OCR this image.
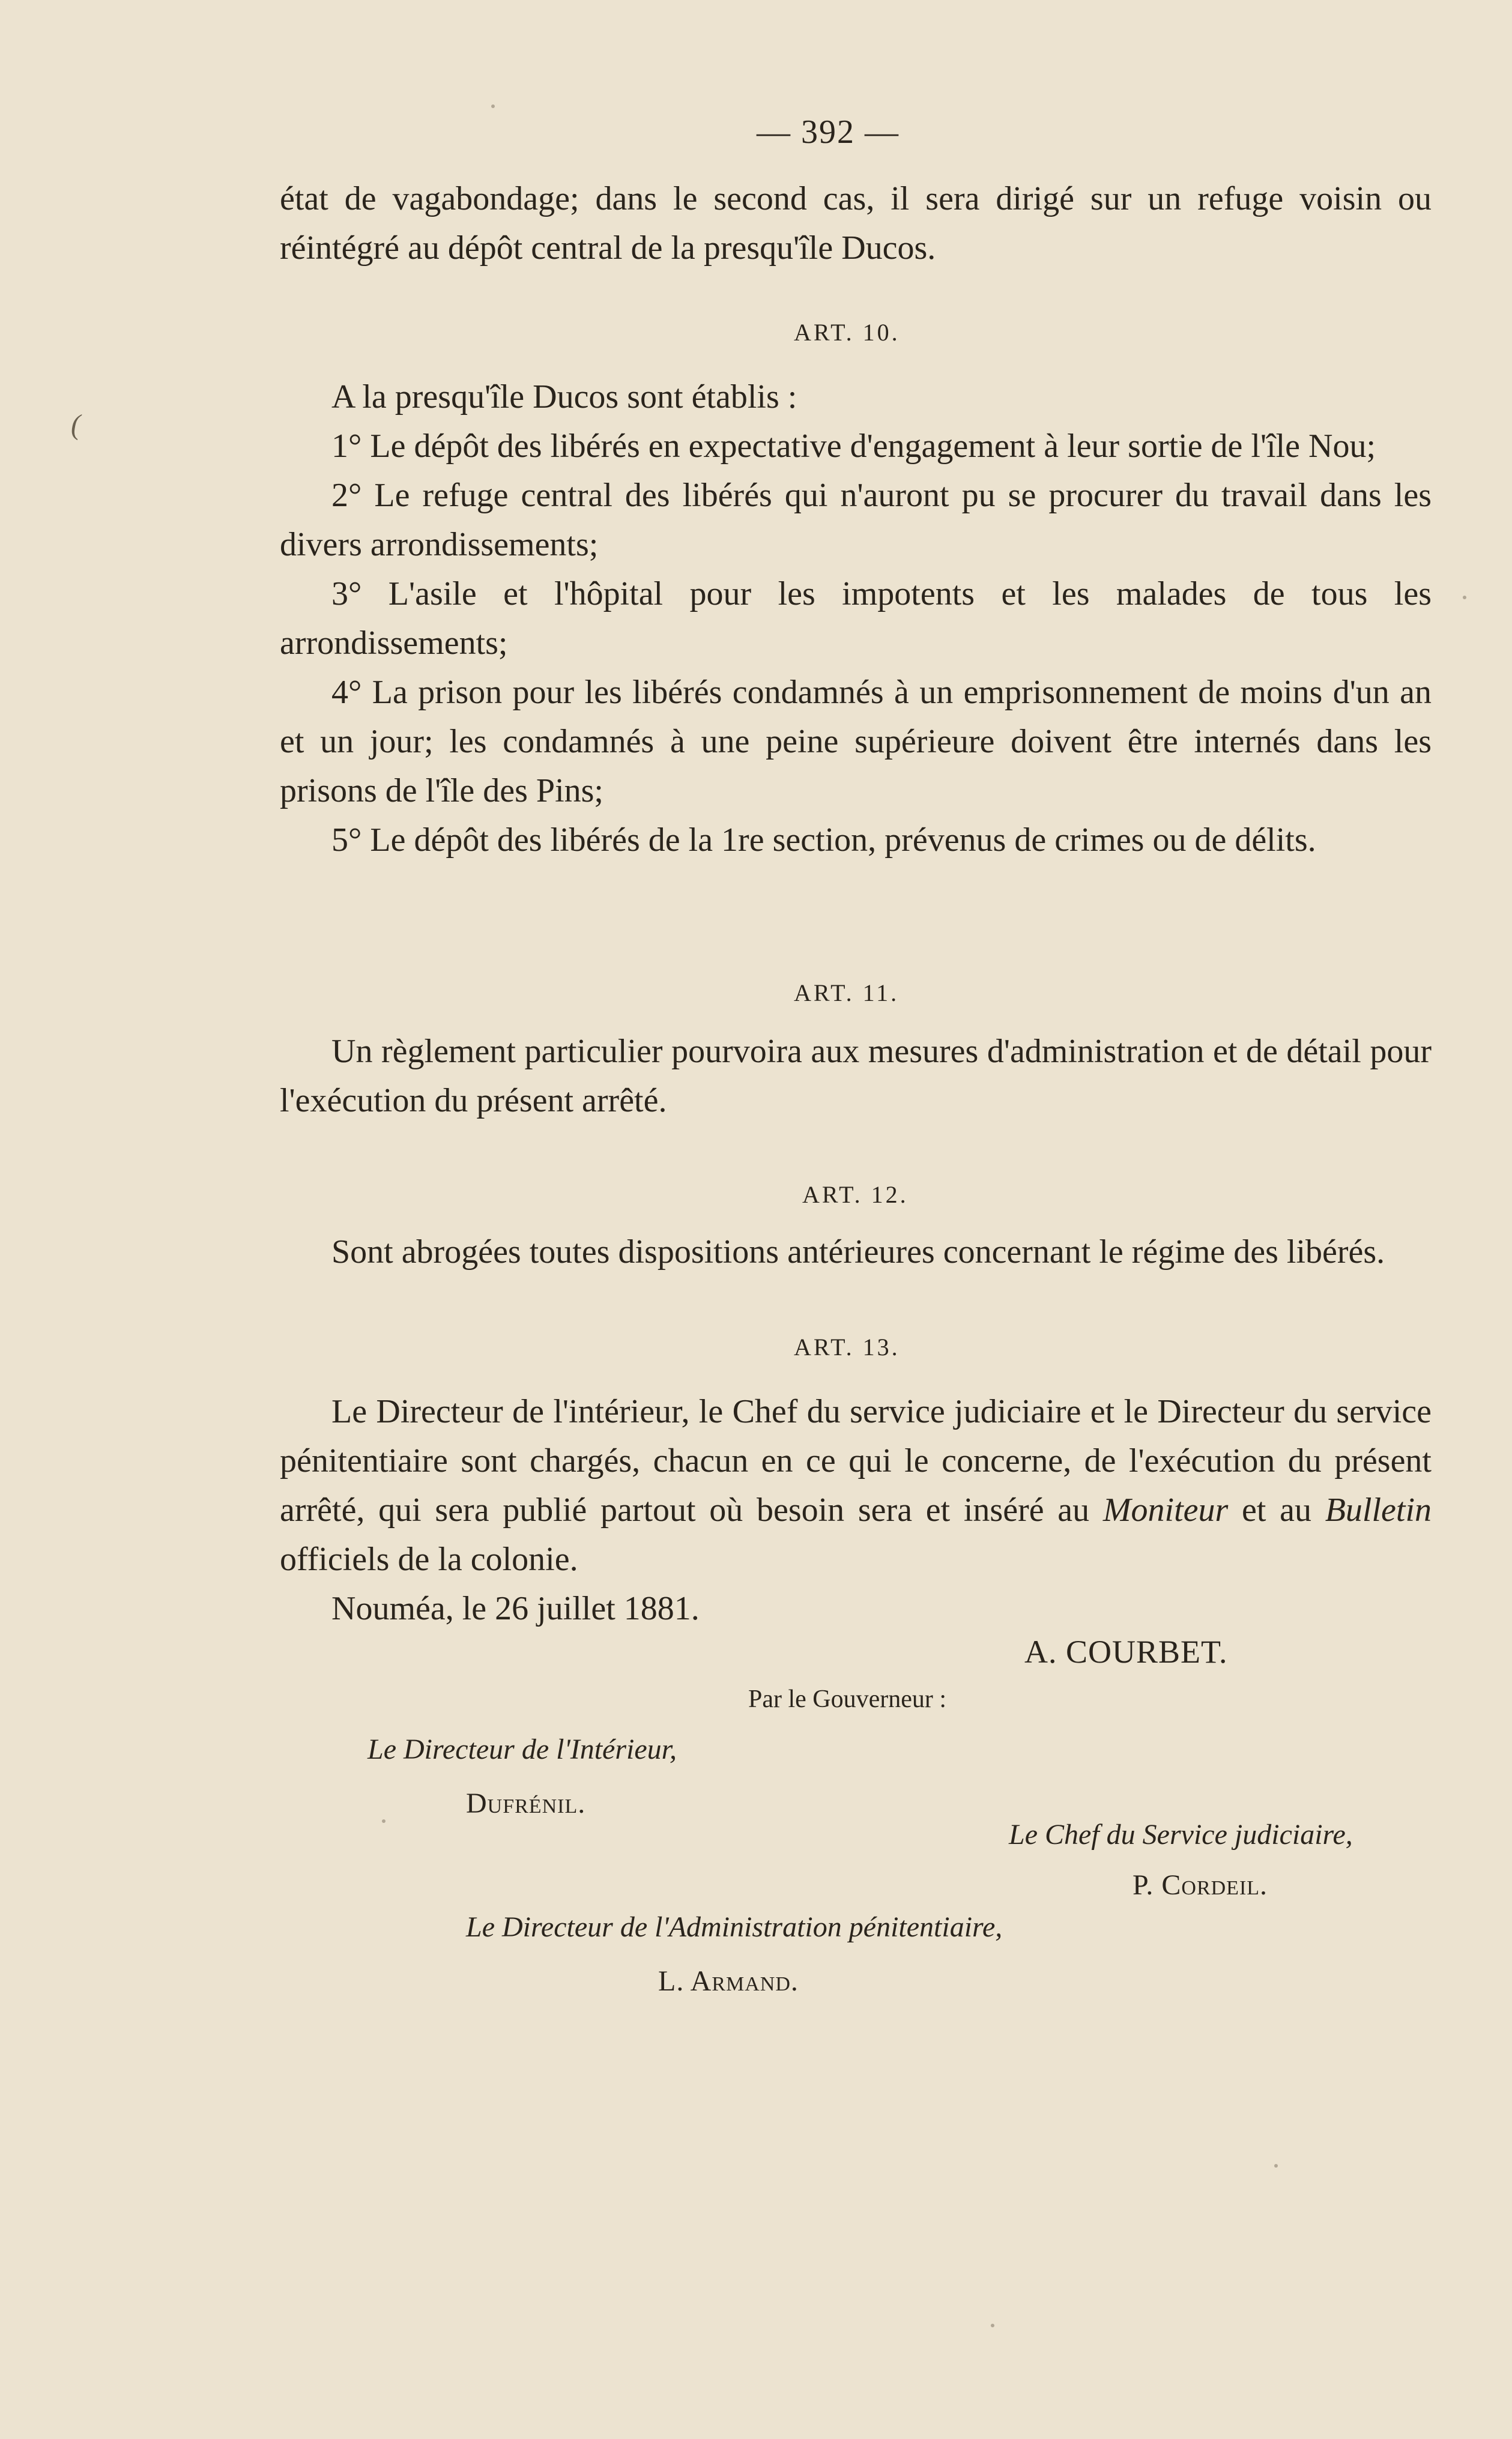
— 392 —
(

état de vagabondage; dans le second cas, il sera dirigé sur un refuge voisin ou réintégré au dépôt central de la presqu'île Ducos.

ART. 10.

A la presqu'île Ducos sont établis :

1° Le dépôt des libérés en expectative d'engagement à leur sortie de l'île Nou;

2° Le refuge central des libérés qui n'auront pu se procurer du travail dans les divers arrondissements;

3° L'asile et l'hôpital pour les impotents et les malades de tous les arrondissements;

4° La prison pour les libérés condamnés à un emprisonnement de moins d'un an et un jour; les condamnés à une peine supérieure doivent être internés dans les prisons de l'île des Pins;

5° Le dépôt des libérés de la 1re section, prévenus de crimes ou de délits.

ART. 11.

Un règlement particulier pourvoira aux mesures d'administration et de détail pour l'exécution du présent arrêté.

ART. 12.

Sont abrogées toutes dispositions antérieures concernant le régime des libérés.

ART. 13.

Le Directeur de l'intérieur, le Chef du service judiciaire et le Directeur du service pénitentiaire sont chargés, chacun en ce qui le concerne, de l'exécution du présent arrêté, qui sera publié partout où besoin sera et inséré au Moniteur et au Bulletin officiels de la colonie.

Nouméa, le 26 juillet 1881.

A. COURBET.
Par le Gouverneur :
Le Directeur de l'Intérieur,
Dufrénil.
Le Chef du Service judiciaire,
P. Cordeil.
Le Directeur de l'Administration pénitentiaire,
L. Armand.
